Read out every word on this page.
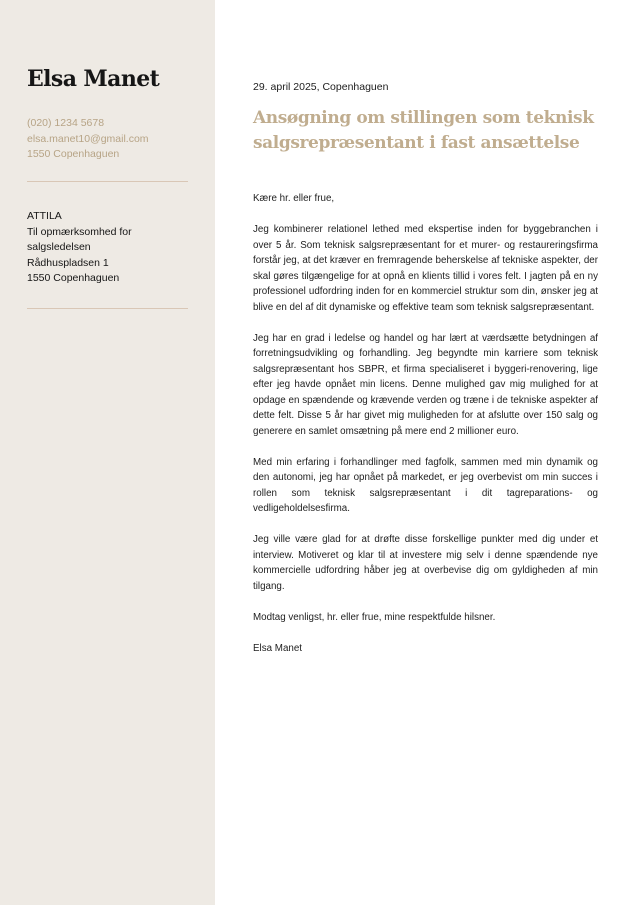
Elsa Manet
(020) 1234 5678
elsa.manet10@gmail.com
1550 Copenhaguen
ATTILA
Til opmærksomhed for
salgsledelsen
Rådhuspladsen 1
1550 Copenhaguen
29. april 2025, Copenhaguen
Ansøgning om stillingen som teknisk salgsrepræsentant i fast ansættelse

Kære hr. eller frue,

Jeg kombinerer relationel lethed med ekspertise inden for byggebranchen i over 5 år. Som teknisk salgsrepræsentant for et murer- og restaureringsfirma forstår jeg, at det kræver en fremragende beherskelse af tekniske aspekter, der skal gøres tilgængelige for at opnå en klients tillid i vores felt. I jagten på en ny professionel udfordring inden for en kommerciel struktur som din, ønsker jeg at blive en del af dit dynamiske og effektive team som teknisk salgsrepræsentant.

Jeg har en grad i ledelse og handel og har lært at værdsætte betydningen af forretningsudvikling og forhandling. Jeg begyndte min karriere som teknisk salgsrepræsentant hos SBPR, et firma specialiseret i byggeri-renovering, lige efter jeg havde opnået min licens. Denne mulighed gav mig mulighed for at opdage en spændende og krævende verden og træne i de tekniske aspekter af dette felt. Disse 5 år har givet mig muligheden for at afslutte over 150 salg og generere en samlet omsætning på mere end 2 millioner euro.

Med min erfaring i forhandlinger med fagfolk, sammen med min dynamik og den autonomi, jeg har opnået på markedet, er jeg overbevist om min succes i rollen som teknisk salgsrepræsentant i dit tagreparations- og vedligeholdelsesfirma.

Jeg ville være glad for at drøfte disse forskellige punkter med dig under et interview. Motiveret og klar til at investere mig selv i denne spændende nye kommercielle udfordring håber jeg at overbevise dig om gyldigheden af min tilgang.

Modtag venligst, hr. eller frue, mine respektfulde hilsner.

Elsa Manet
